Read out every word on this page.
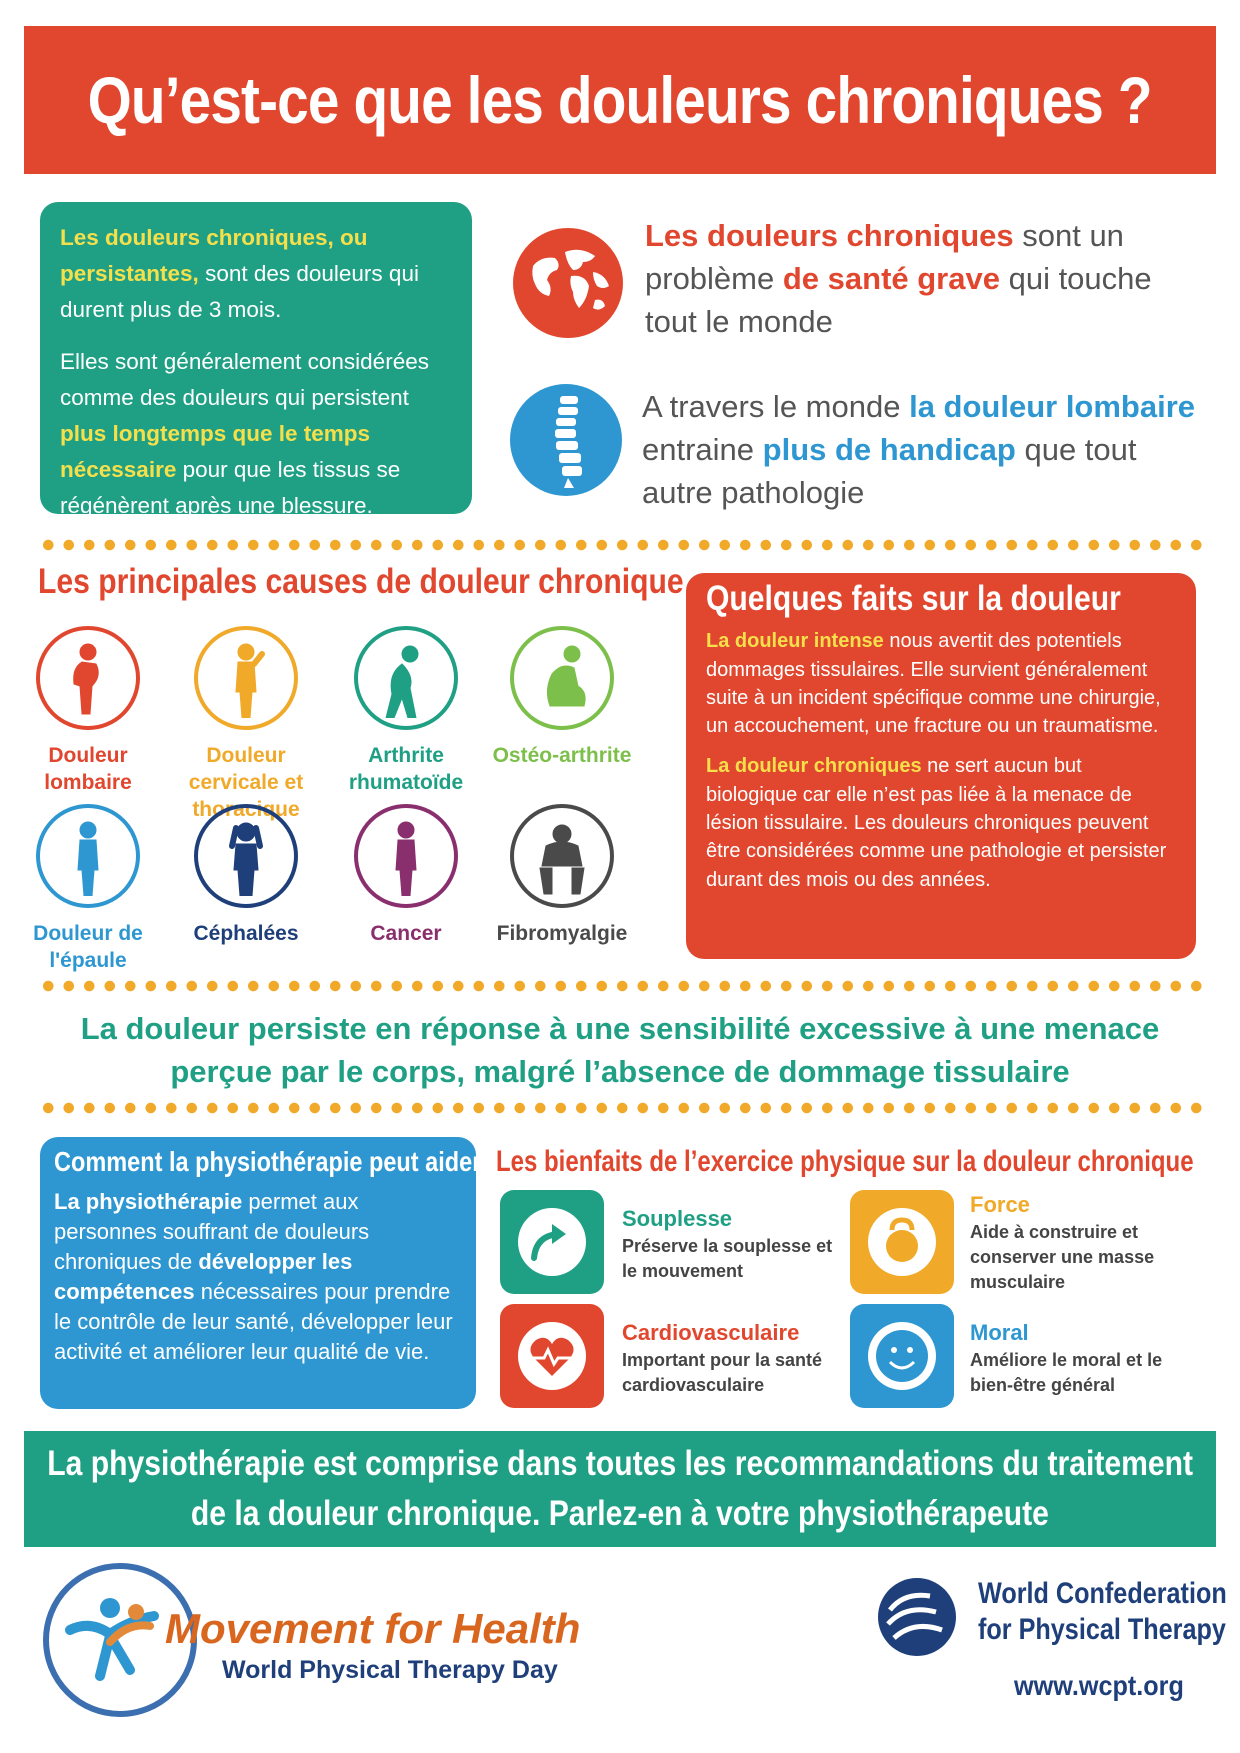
Qu’est-ce que les douleurs chroniques ?

Les douleurs chroniques, ou persistantes, sont des douleurs qui durent plus de 3 mois.

Elles sont généralement considérées comme des douleurs qui persistent plus longtemps que le temps nécessaire pour que les tissus se régénèrent après une blessure.

Les douleurs chroniques sont un problème de santé grave qui touche tout le monde
A travers le monde la douleur lombaire entraine plus de handicap que tout autre pathologie
Les principales causes de douleur chronique
Douleur lombaire
Douleur cervicale et thoracique
Arthrite rhumatoïde
Ostéo-arthrite
Douleur de l'épaule
Céphalées	Cancer	Fibromyalgie
Quelques faits sur la douleur

La douleur intense nous avertit des potentiels dommages tissulaires. Elle survient généralement suite à un incident spécifique comme une chirurgie, un accouchement, une fracture ou un traumatisme.

La douleur chroniques ne sert aucun but biologique car elle n’est pas liée à la menace de lésion tissulaire. Les douleurs chroniques peuvent être considérées comme une pathologie et persister durant des mois ou des années.

La douleur persiste en réponse à une sensibilité excessive à une menace
perçue par le corps, malgré l’absence de dommage tissulaire
Comment la physiothérapie peut aider
La physiothérapie permet aux personnes souffrant de douleurs chroniques de développer les compétences nécessaires pour prendre le contrôle de leur santé, développer leur activité et améliorer leur qualité de vie.
Les bienfaits de l’exercice physique sur la douleur chronique
Souplesse
Préserve la souplesse et le mouvement
Force
Aide à construire et conserver une masse musculaire
Cardiovasculaire
Important pour la santé cardiovasculaire
Moral
Améliore le moral et le bien-être général
La physiothérapie est comprise dans toutes les recommandations du traitement
de la douleur chronique. Parlez-en à votre physiothérapeute
Movement for Health
World Physical Therapy Day
World Confederation
for Physical Therapy
www.wcpt.org
